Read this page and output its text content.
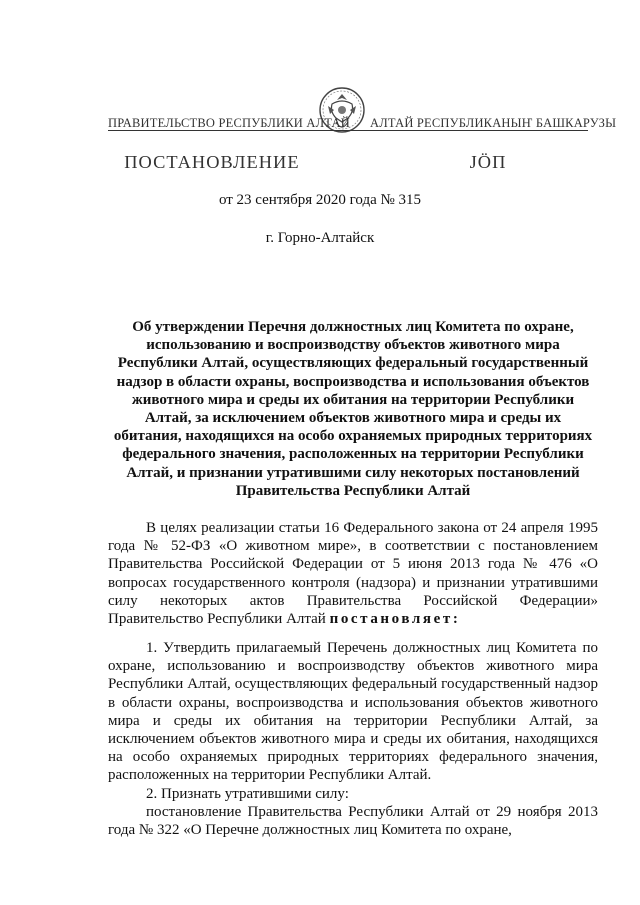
ПРАВИТЕЛЬСТВО РЕСПУБЛИКИ АЛТАЙ АЛТАЙ РЕСПУБЛИКАНЫҤ БАШКАРУЗЫ
ПОСТАНОВЛЕНИЕ	ЈÖП
от 23 сентября 2020 года № 315
г. Горно-Алтайск
Об утверждении Перечня должностных лиц Комитета по охране, использованию и воспроизводству объектов животного мира Республики Алтай, осуществляющих федеральный государственный надзор в области охраны, воспроизводства и использования объектов животного мира и среды их обитания на территории Республики Алтай, за исключением объектов животного мира и среды их обитания, находящихся на особо охраняемых природных территориях федерального значения, расположенных на территории Республики Алтай, и признании утратившими силу некоторых постановлений Правительства Республики Алтай

В целях реализации статьи 16 Федерального закона от 24 апреля 1995 года № 52-ФЗ «О животном мире», в соответствии с постановлением Правительства Российской Федерации от 5 июня 2013 года № 476 «О вопросах государственного контроля (надзора) и признании утратившими силу некоторых актов Правительства Российской Федерации» Правительство Республики Алтай постановляет:

1. Утвердить прилагаемый Перечень должностных лиц Комитета по охране, использованию и воспроизводству объектов животного мира Республики Алтай, осуществляющих федеральный государственный надзор в области охраны, воспроизводства и использования объектов животного мира и среды их обитания на территории Республики Алтай, за исключением объектов животного мира и среды их обитания, находящихся на особо охраняемых природных территориях федерального значения, расположенных на территории Республики Алтай.

2. Признать утратившими силу:

постановление Правительства Республики Алтай от 29 ноября 2013 года № 322 «О Перечне должностных лиц Комитета по охране,
